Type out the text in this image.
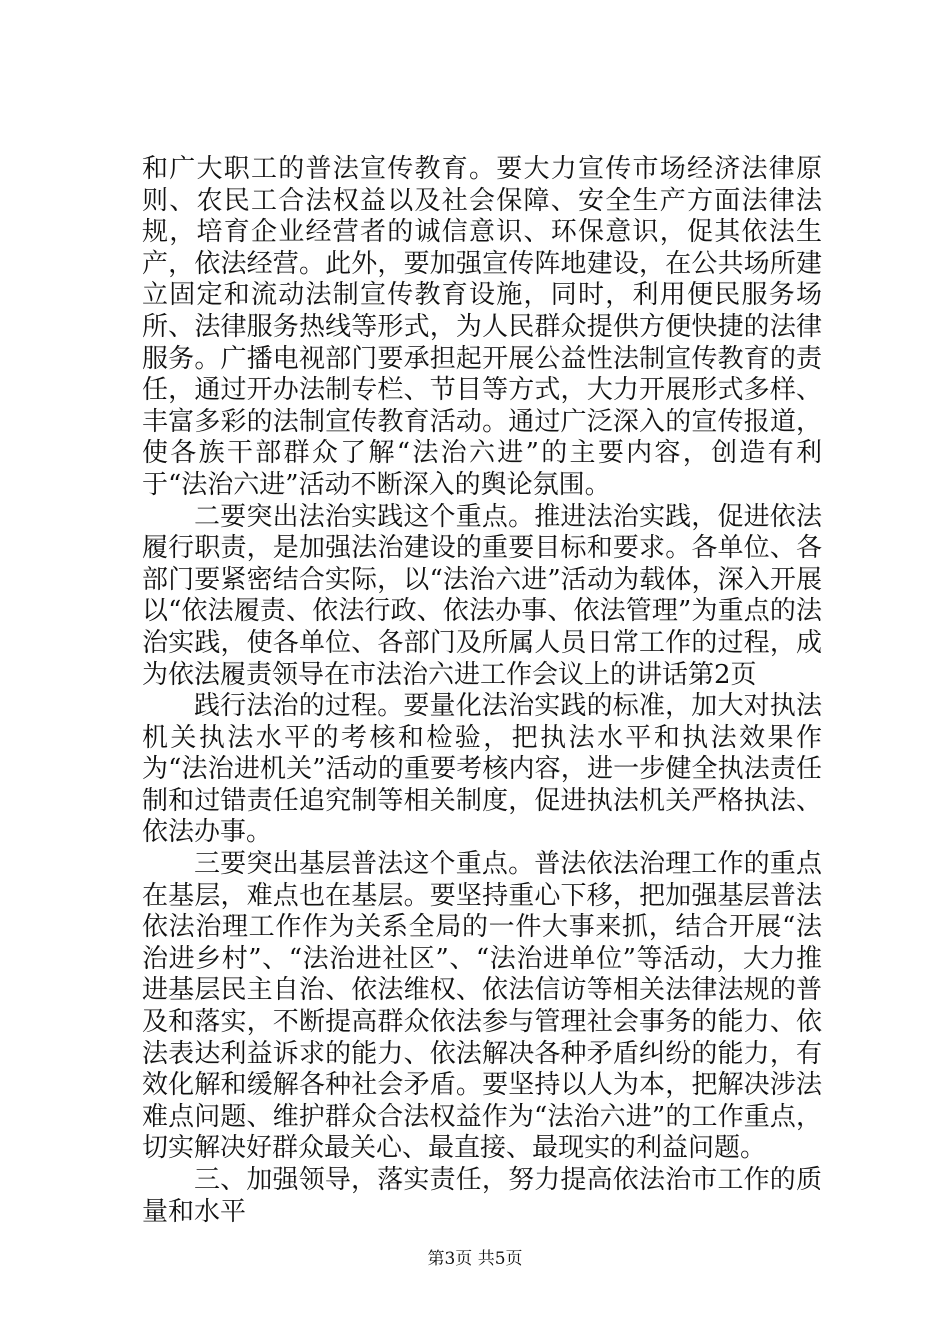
和广大职工的普法宣传教育。要大力宣传市场经济法律原则、农民工合法权益以及社会保障、安全生产方面法律法规，培育企业经营者的诚信意识、环保意识，促其依法生产，依法经营。此外，要加强宣传阵地建设，在公共场所建立固定和流动法制宣传教育设施，同时，利用便民服务场所、法律服务热线等形式，为人民群众提供方便快捷的法律服务。广播电视部门要承担起开展公益性法制宣传教育的责任，通过开办法制专栏、节目等方式，大力开展形式多样、丰富多彩的法制宣传教育活动。通过广泛深入的宣传报道，使各族干部群众了解“法治六进”的主要内容，创造有利于“法治六进”活动不断深入的舆论氛围。

二要突出法治实践这个重点。推进法治实践，促进依法履行职责，是加强法治建设的重要目标和要求。各单位、各部门要紧密结合实际，以“法治六进”活动为载体，深入开展以“依法履责、依法行政、依法办事、依法管理”为重点的法治实践，使各单位、各部门及所属人员日常工作的过程，成为依法履责领导在市法治六进工作会议上的讲话第2页

践行法治的过程。要量化法治实践的标准，加大对执法机关执法水平的考核和检验，把执法水平和执法效果作为“法治进机关”活动的重要考核内容，进一步健全执法责任制和过错责任追究制等相关制度，促进执法机关严格执法、依法办事。

三要突出基层普法这个重点。普法依法治理工作的重点在基层，难点也在基层。要坚持重心下移，把加强基层普法依法治理工作作为关系全局的一件大事来抓，结合开展“法治进乡村”、“法治进社区”、“法治进单位”等活动，大力推进基层民主自治、依法维权、依法信访等相关法律法规的普及和落实，不断提高群众依法参与管理社会事务的能力、依法表达利益诉求的能力、依法解决各种矛盾纠纷的能力，有效化解和缓解各种社会矛盾。要坚持以人为本，把解决涉法难点问题、维护群众合法权益作为“法治六进”的工作重点，切实解决好群众最关心、最直接、最现实的利益问题。

三、加强领导，落实责任，努力提高依法治市工作的质量和水平

第3页 共5页
